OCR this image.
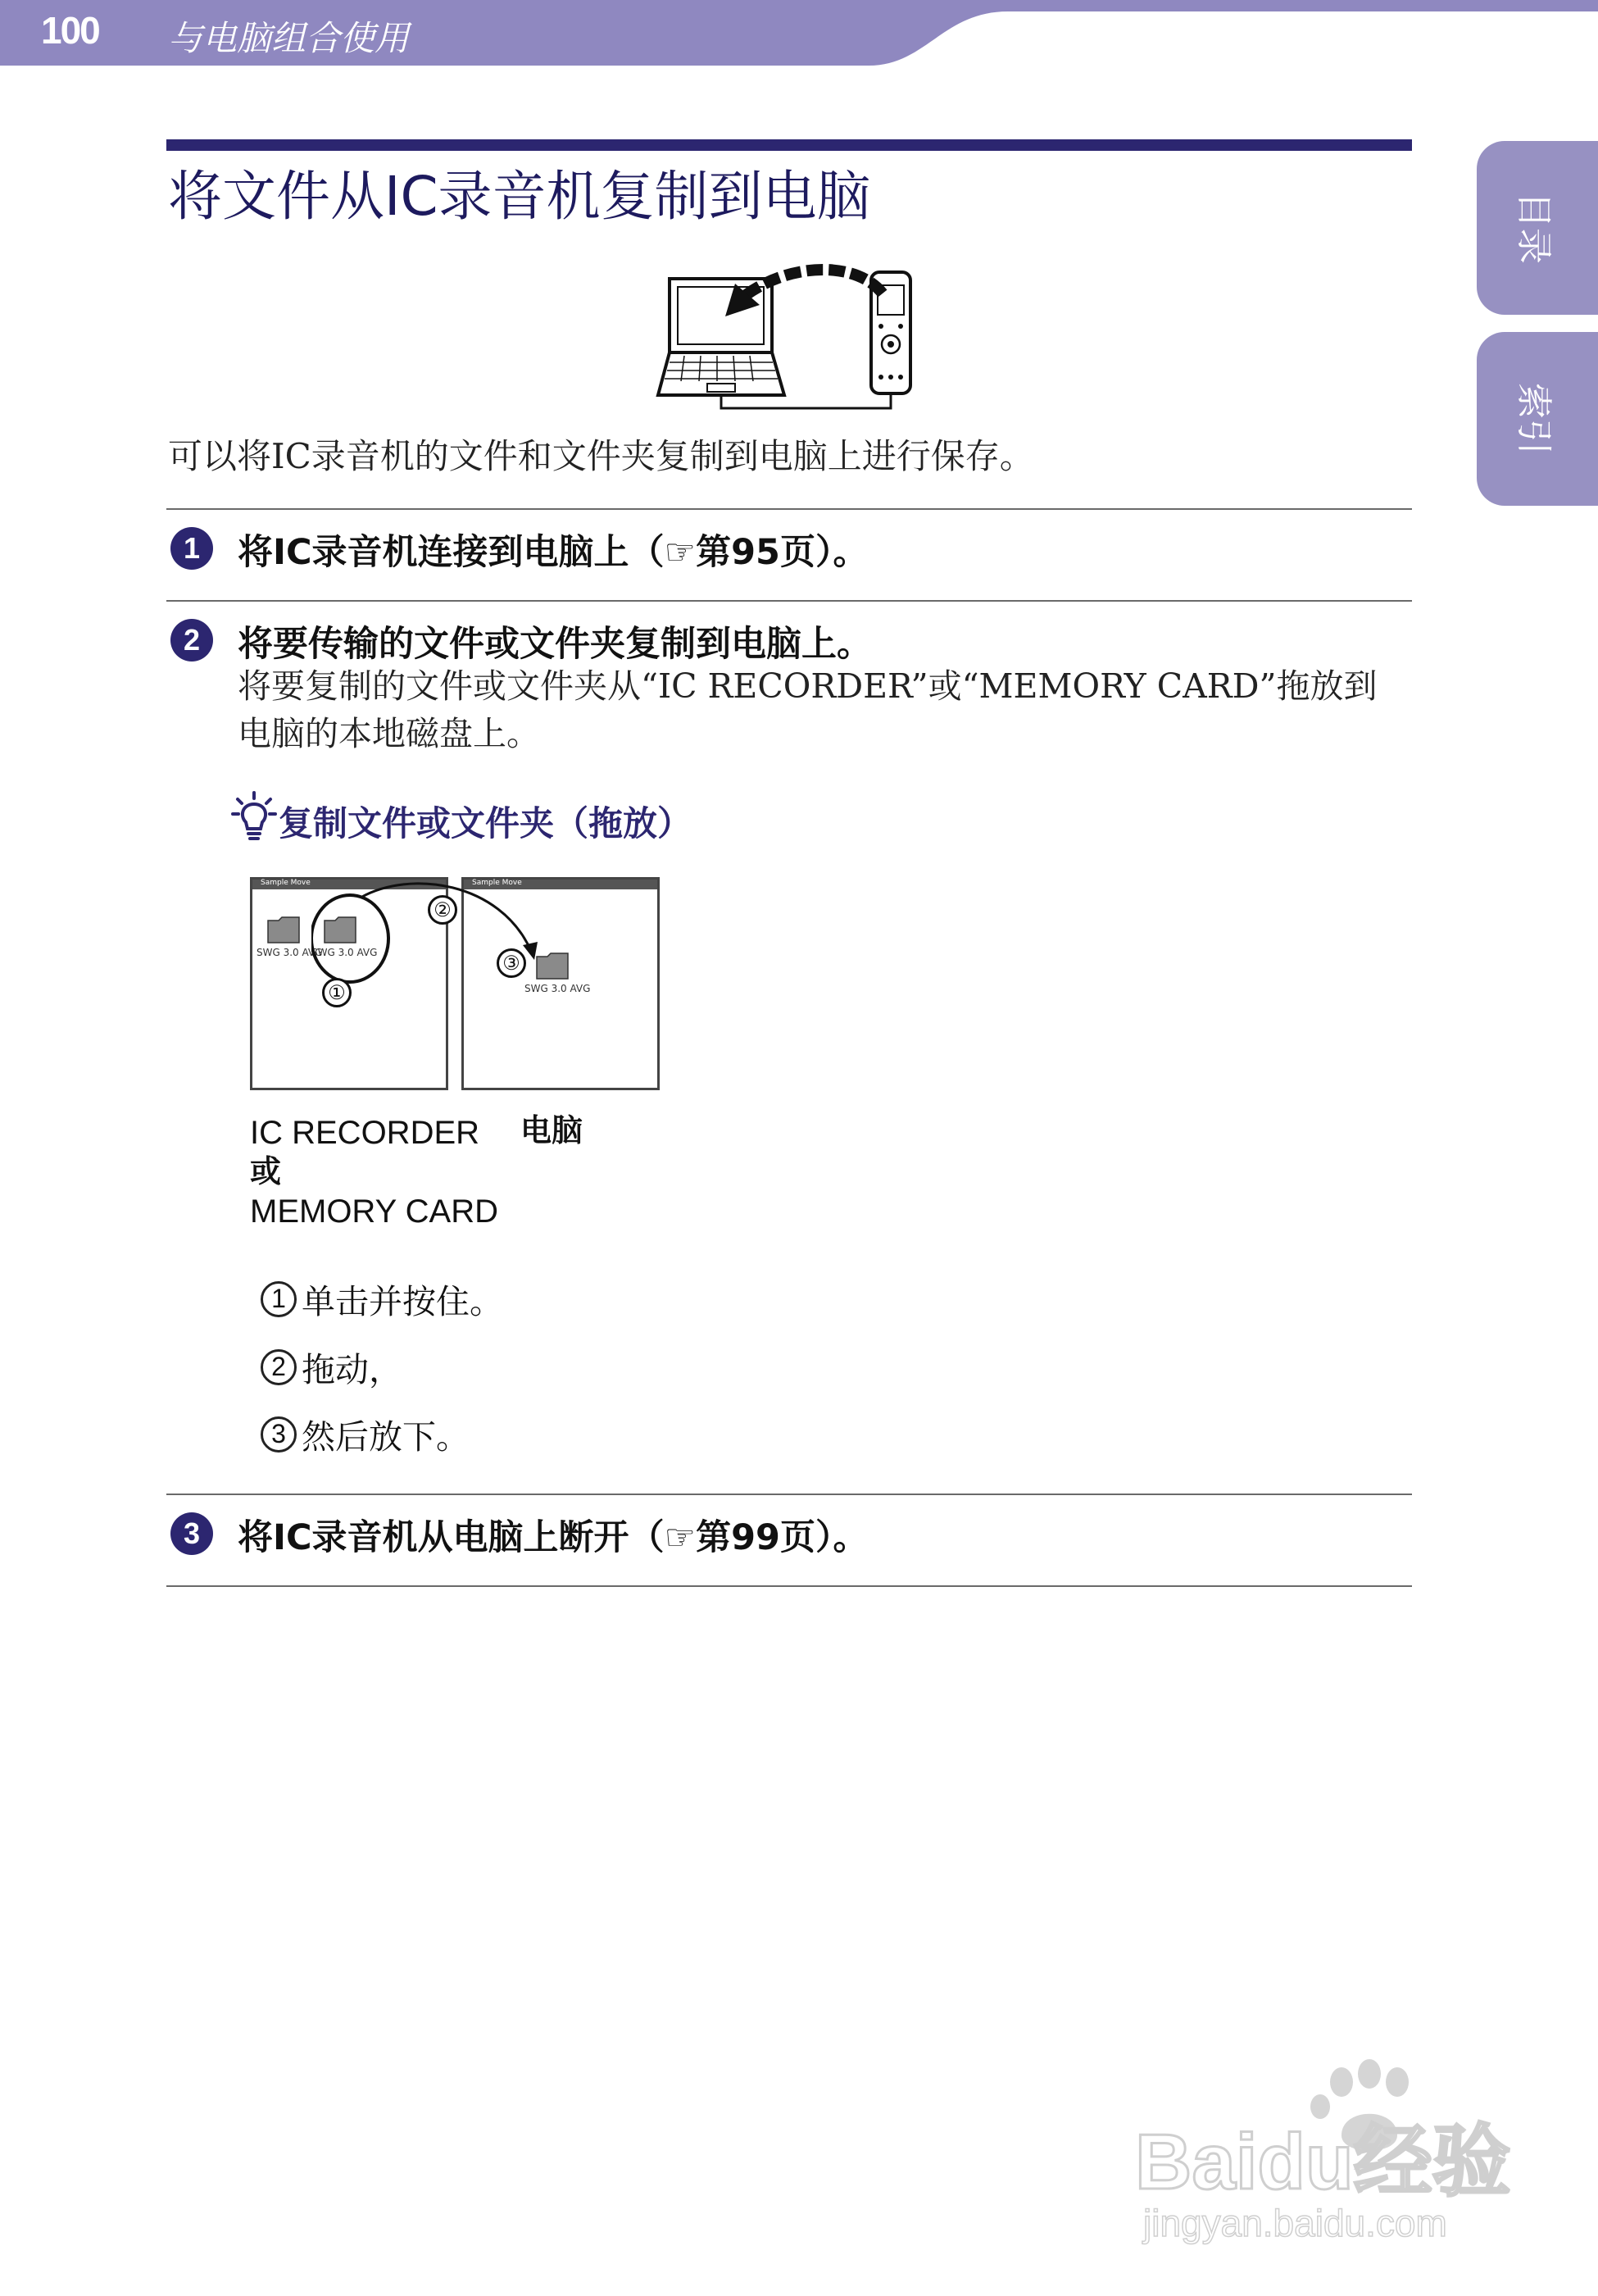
100 与电脑组合使用
目录
索引
将文件从IC录音机复制到电脑
可以将IC录音机的文件和文件夹复制到电脑上进行保存。
1	将IC录音机连接到电脑上（☞第95页）。
2	将要传输的文件或文件夹复制到电脑上。
将要复制的文件或文件夹从“IC RECORDER”或“MEMORY CARD”拖放到电脑的本地磁盘上。
复制文件或文件夹（拖放）
Sample Move
SWG 3.0 AVG
SWG 3.0 AVG
Sample Move
SWG 3.0 AVG
①
②
③
IC RECORDER
或
MEMORY CARD
电脑
1 单击并按住。
2 拖动，
3 然后放下。
3	将IC录音机从电脑上断开（☞第99页）。
Baidu经验
jingyan.baidu.com
